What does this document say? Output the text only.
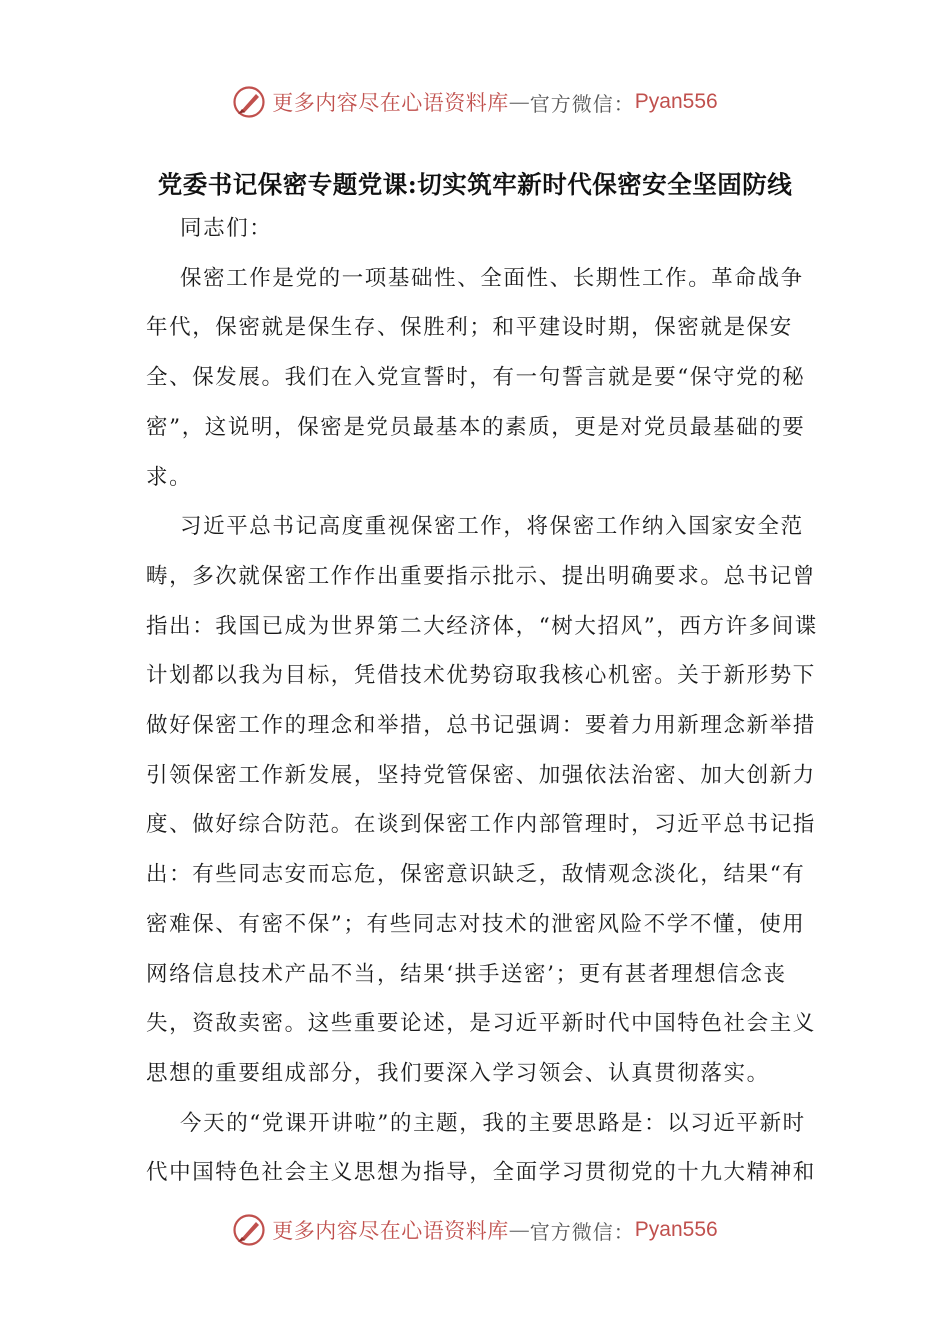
更多内容尽在心语资料库 — 官方微信： Pyan556
党委书记保密专题党课:切实筑牢新时代保密安全坚固防线

同志们：

保密工作是党的一项基础性、全面性、长期性工作。革命战争年代，保密就是保生存、保胜利；和平建设时期，保密就是保安全、保发展。我们在入党宣誓时，有一句誓言就是要“保守党的秘密”，这说明，保密是党员最基本的素质，更是对党员最基础的要求。

习近平总书记高度重视保密工作，将保密工作纳入国家安全范畴，多次就保密工作作出重要指示批示、提出明确要求。总书记曾指出：我国已成为世界第二大经济体，“树大招风”，西方许多间谍计划都以我为目标，凭借技术优势窃取我核心机密。关于新形势下做好保密工作的理念和举措，总书记强调：要着力用新理念新举措引领保密工作新发展，坚持党管保密、加强依法治密、加大创新力度、做好综合防范。在谈到保密工作内部管理时，习近平总书记指出：有些同志安而忘危，保密意识缺乏，敌情观念淡化，结果“有密难保、有密不保”；有些同志对技术的泄密风险不学不懂，使用网络信息技术产品不当，结果‘拱手送密’；更有甚者理想信念丧失，资敌卖密。这些重要论述，是习近平新时代中国特色社会主义思想的重要组成部分，我们要深入学习领会、认真贯彻落实。

今天的“党课开讲啦”的主题，我的主要思路是：以习近平新时代中国特色社会主义思想为指导，全面学习贯彻党的十九大精神和

更多内容尽在心语资料库 — 官方微信： Pyan556
